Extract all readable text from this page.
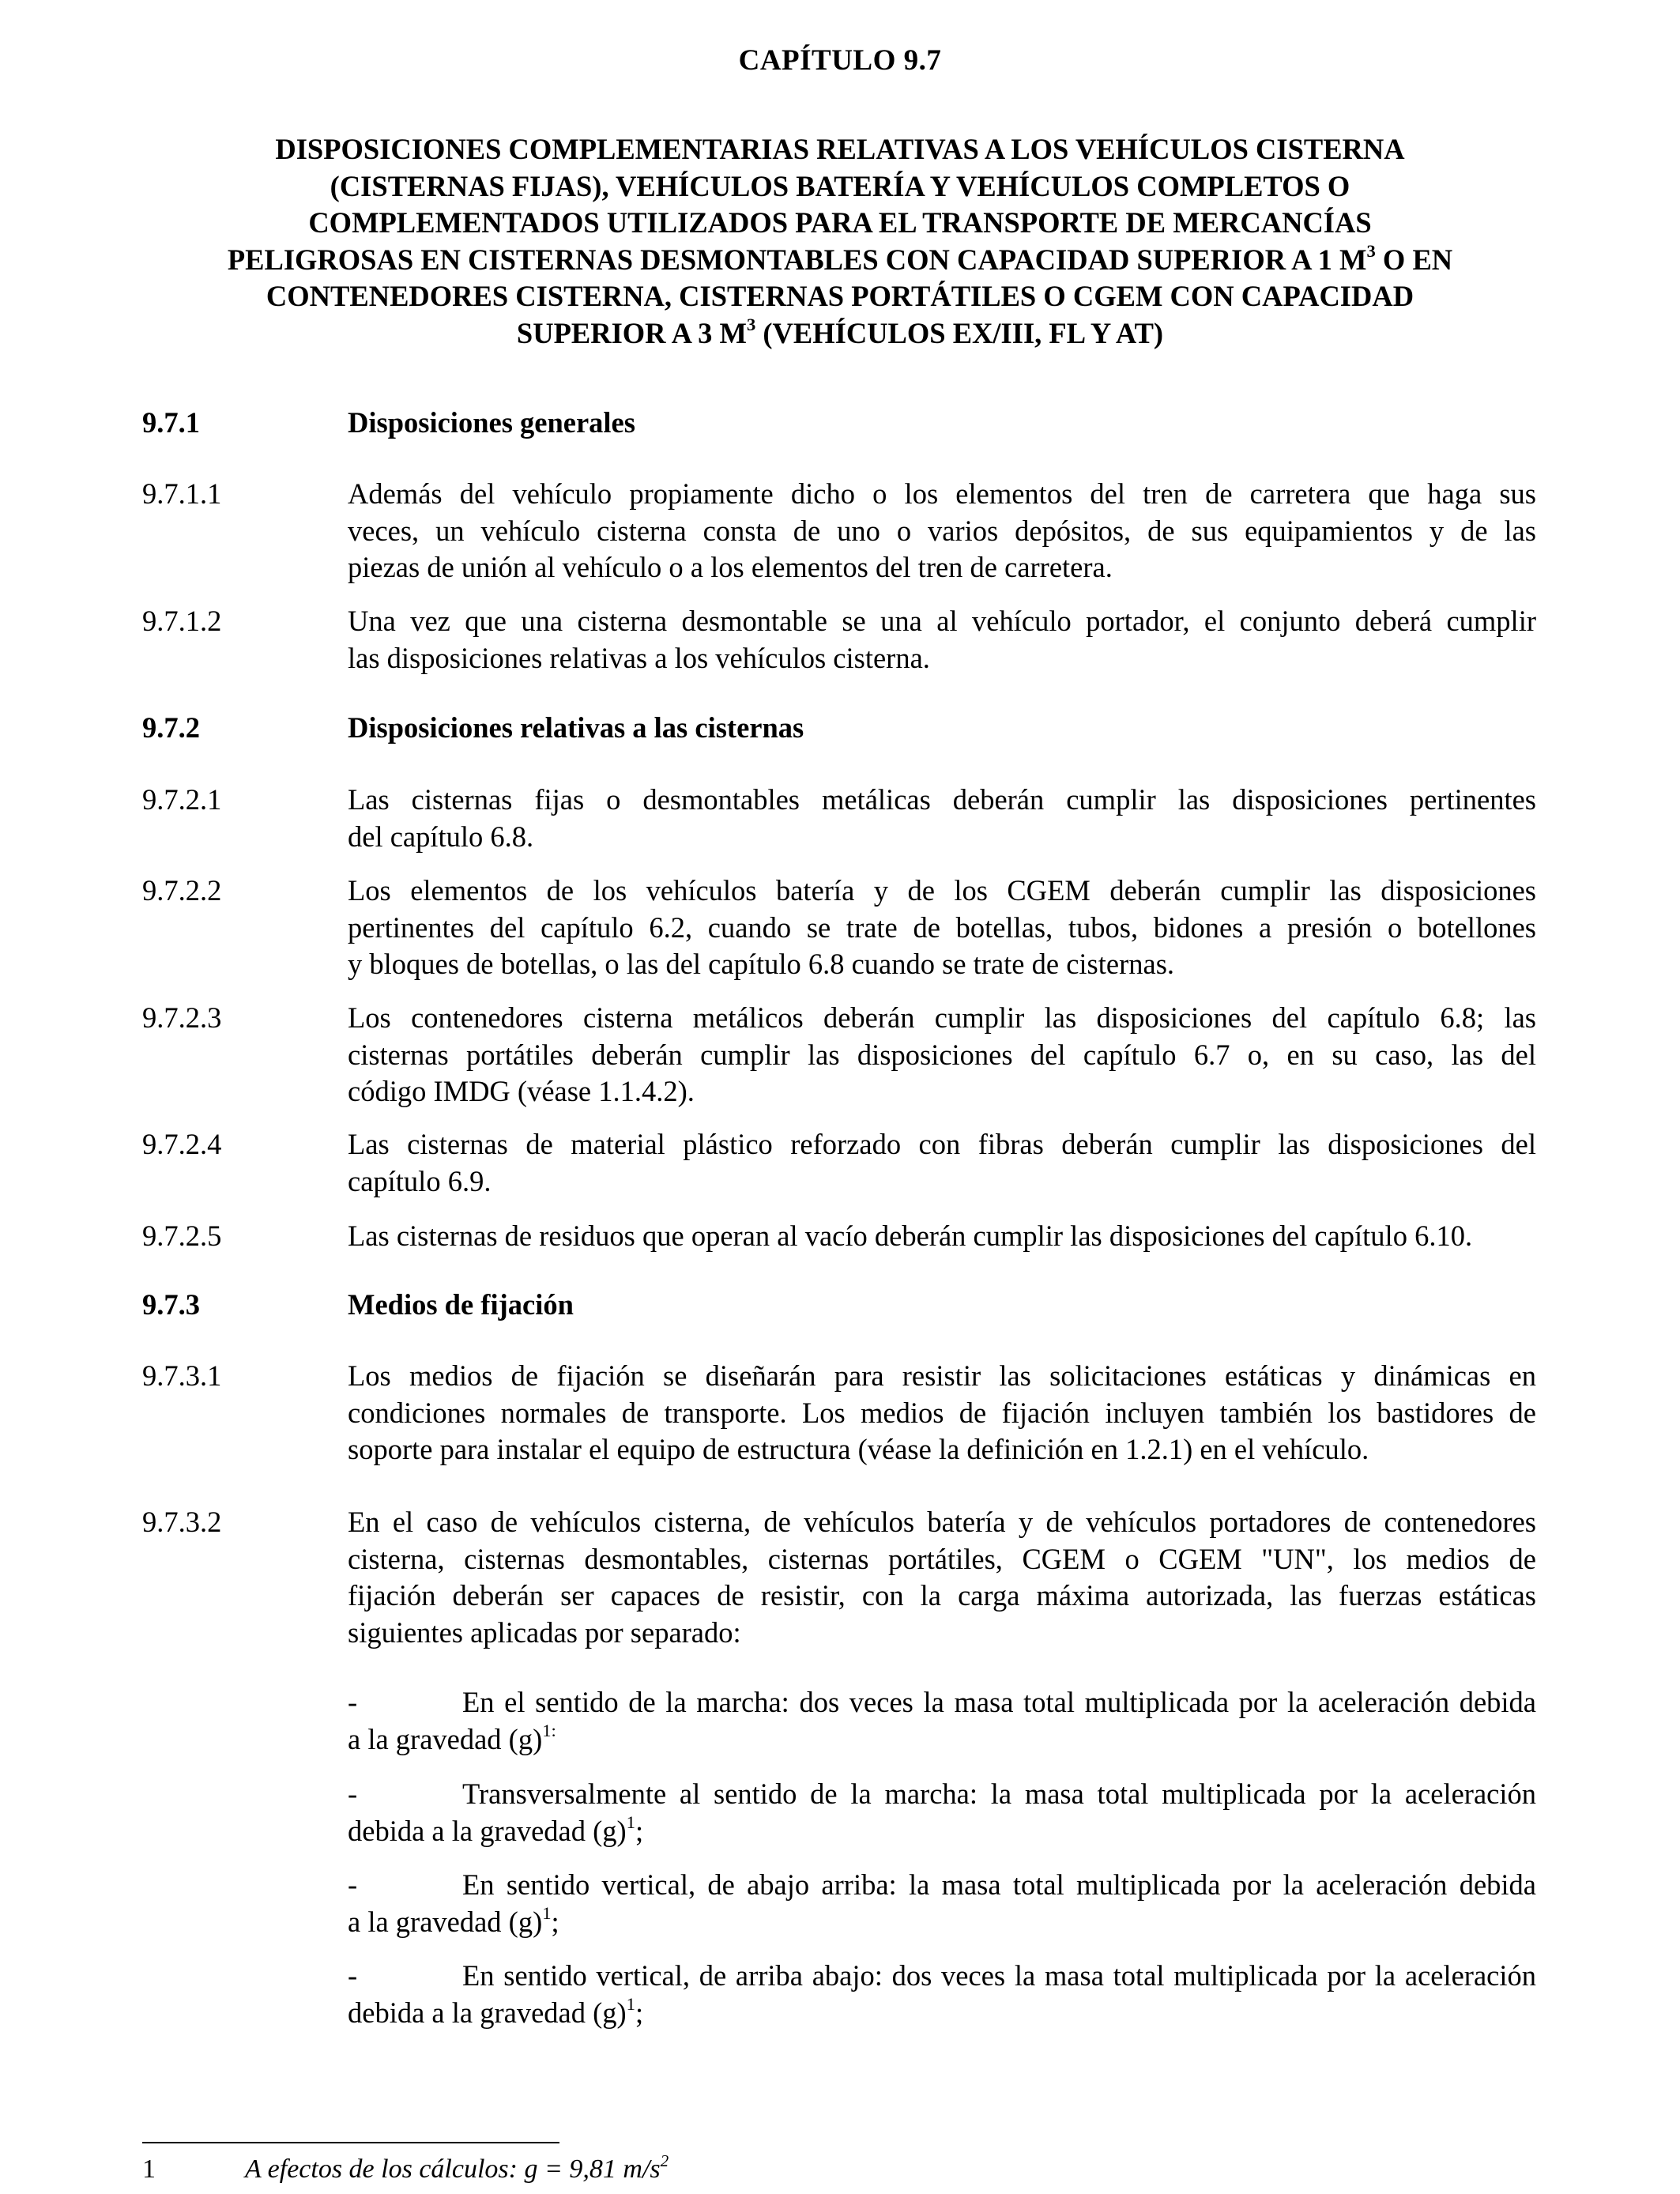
CAPÍTULO 9.7
DISPOSICIONES COMPLEMENTARIAS RELATIVAS A LOS VEHÍCULOS CISTERNA
(CISTERNAS FIJAS), VEHÍCULOS BATERÍA Y VEHÍCULOS COMPLETOS O
COMPLEMENTADOS UTILIZADOS PARA EL TRANSPORTE DE MERCANCÍAS
PELIGROSAS EN CISTERNAS DESMONTABLES CON CAPACIDAD SUPERIOR A 1 $M^3$ O EN
CONTENEDORES CISTERNA, CISTERNAS PORTÁTILES O CGEM CON CAPACIDAD
SUPERIOR A 3 $M^3$ (VEHÍCULOS EX/III, FL Y AT)
9.7.1	Disposiciones generales
9.7.1.1	Además del vehículo propiamente dicho o los elementos del tren de carretera que haga sus
veces, un vehículo cisterna consta de uno o varios depósitos, de sus equipamientos y de las
piezas de unión al vehículo o a los elementos del tren de carretera.
9.7.1.2	Una vez que una cisterna desmontable se una al vehículo portador, el conjunto deberá cumplir
las disposiciones relativas a los vehículos cisterna.
9.7.2	Disposiciones relativas a las cisternas
9.7.2.1	Las cisternas fijas o desmontables metálicas deberán cumplir las disposiciones pertinentes
del capítulo 6.8.
9.7.2.2	Los elementos de los vehículos batería y de los CGEM deberán cumplir las disposiciones
pertinentes del capítulo 6.2, cuando se trate de botellas, tubos, bidones a presión o botellones
y bloques de botellas, o las del capítulo 6.8 cuando se trate de cisternas.
9.7.2.3	Los contenedores cisterna metálicos deberán cumplir las disposiciones del capítulo 6.8; las
cisternas portátiles deberán cumplir las disposiciones del capítulo 6.7 o, en su caso, las del
código IMDG (véase 1.1.4.2).
9.7.2.4	Las cisternas de material plástico reforzado con fibras deberán cumplir las disposiciones del
capítulo 6.9.
9.7.2.5	Las cisternas de residuos que operan al vacío deberán cumplir las disposiciones del capítulo 6.10.
9.7.3	Medios de fijación
9.7.3.1	Los medios de fijación se diseñarán para resistir las solicitaciones estáticas y dinámicas en
condiciones normales de transporte. Los medios de fijación incluyen también los bastidores de
soporte para instalar el equipo de estructura (véase la definición en 1.2.1) en el vehículo.
9.7.3.2	En el caso de vehículos cisterna, de vehículos batería y de vehículos portadores de contenedores
cisterna, cisternas desmontables, cisternas portátiles, CGEM o CGEM "UN", los medios de
fijación deberán ser capaces de resistir, con la carga máxima autorizada, las fuerzas estáticas
siguientes aplicadas por separado:
-	En el sentido de la marcha: dos veces la masa total multiplicada por la aceleración debida
a la gravedad $(g)^{1:}$
-	Transversalmente al sentido de la marcha: la masa total multiplicada por la aceleración
debida a la gravedad $(g)^1$;
-	En sentido vertical, de abajo arriba: la masa total multiplicada por la aceleración debida
a la gravedad $(g)^1$;
-	En sentido vertical, de arriba abajo: dos veces la masa total multiplicada por la aceleración
debida a la gravedad $(g)^1$;
1	A efectos de los cálculos: g = 9,81 $m/s^2$
